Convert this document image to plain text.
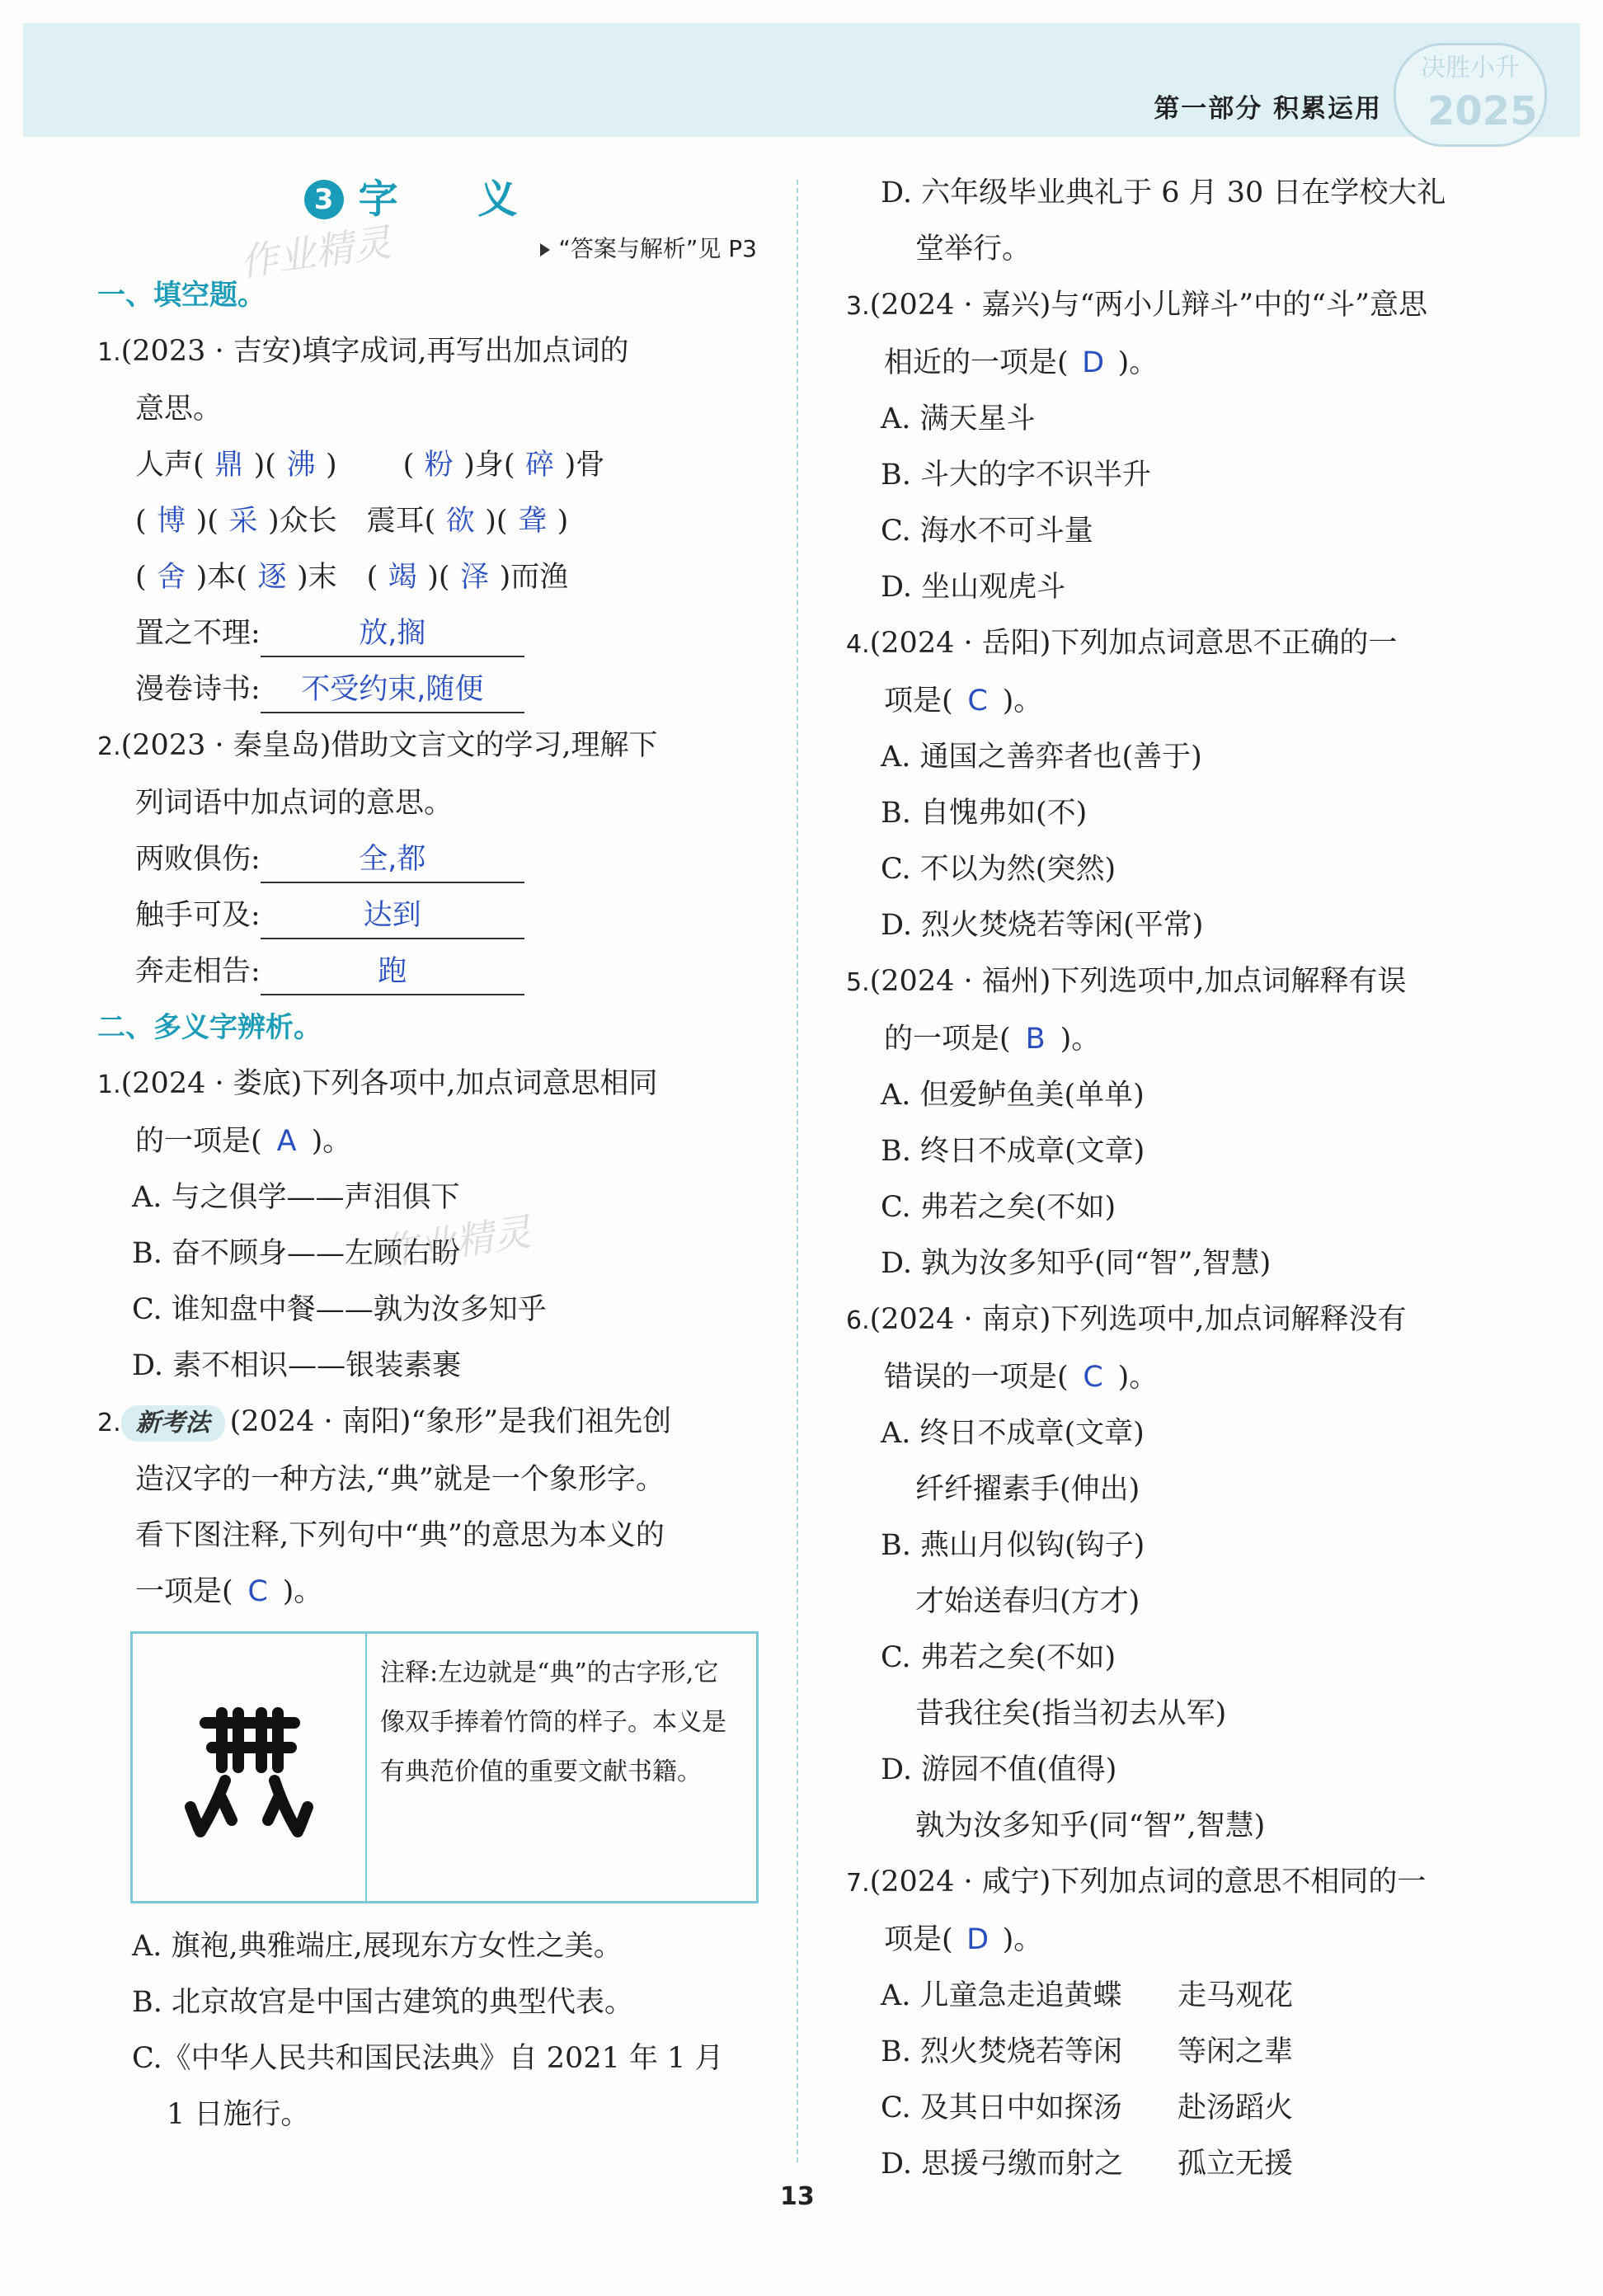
第一部分 积累运用
决胜小升
2025
作业精灵
作业精灵
3 字 义
“答案与解析”见 P3
一、填空题。
1.(2023 · 吉安)填字成词,再写出加点词的
意思。
人声( 鼎 )( 沸 ) ( 粉 )身( 碎 )骨
( 博 )( 采 )众长 震耳( 欲 )( 聋 )
( 舍 )本( 逐 )末 ( 竭 )( 泽 )而渔
置之不理:	放,搁
漫卷诗书: 不受约束,随便
2.(2023 · 秦皇岛)借助文言文的学习,理解下
列词语中加点词的意思。
两败俱伤:	全,都
触手可及:	达到
奔走相告:	跑
二、多义字辨析。
1.(2024 · 娄底)下列各项中,加点词意思相同
的一项是( A )。
A. 与之俱学——声泪俱下
B. 奋不顾身——左顾右盼
C. 谁知盘中餐——孰为汝多知乎
D. 素不相识——银装素裹
2. 新考法 (2024 · 南阳)“象形”是我们祖先创
造汉字的一种方法,“典”就是一个象形字。
看下图注释,下列句中“典”的意思为本义的
一项是( C )。
注释:左边就是“典”的古字形,它像双手捧着竹筒的样子。本义是有典范价值的重要文献书籍。
A. 旗袍,典雅端庄,展现东方女性之美。
B. 北京故宫是中国古建筑的典型代表。
C.《中华人民共和国民法典》自 2021 年 1 月
1 日施行。
D. 六年级毕业典礼于 6 月 30 日在学校大礼
堂举行。
3.(2024 · 嘉兴)与“两小儿辩斗”中的“斗”意思
相近的一项是( D )。
A. 满天星斗
B. 斗大的字不识半升
C. 海水不可斗量
D. 坐山观虎斗
4.(2024 · 岳阳)下列加点词意思不正确的一
项是( C )。
A. 通国之善弈者也(善于)
B. 自愧弗如(不)
C. 不以为然(突然)
D. 烈火焚烧若等闲(平常)
5.(2024 · 福州)下列选项中,加点词解释有误
的一项是( B )。
A. 但爱鲈鱼美(单单)
B. 终日不成章(文章)
C. 弗若之矣(不如)
D. 孰为汝多知乎(同“智”,智慧)
6.(2024 · 南京)下列选项中,加点词解释没有
错误的一项是( C )。
A. 终日不成章(文章)
纤纤擢素手(伸出)
B. 燕山月似钩(钩子)
才始送春归(方才)
C. 弗若之矣(不如)
昔我往矣(指当初去从军)
D. 游园不值(值得)
孰为汝多知乎(同“智”,智慧)
7.(2024 · 咸宁)下列加点词的意思不相同的一
项是( D )。
A. 儿童急走追黄蝶 走马观花
B. 烈火焚烧若等闲 等闲之辈
C. 及其日中如探汤 赴汤蹈火
D. 思援弓缴而射之 孤立无援
13
